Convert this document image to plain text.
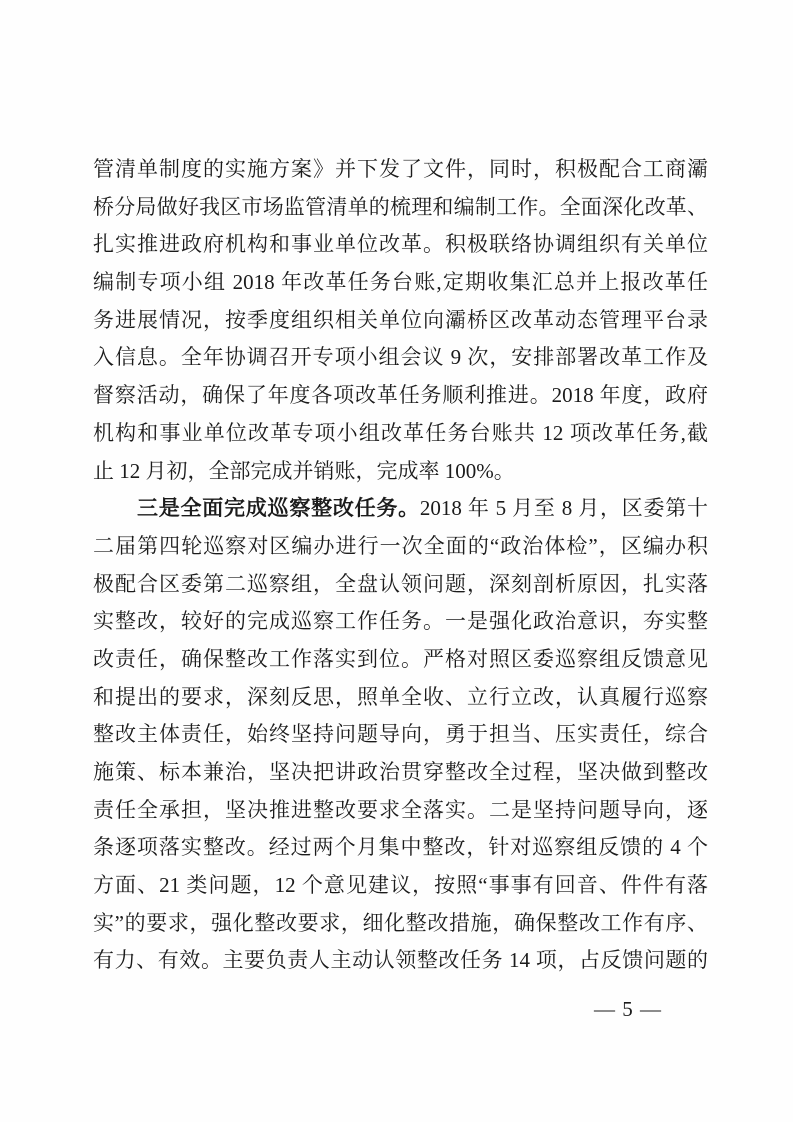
管清单制度的实施方案》并下发了文件，同时，积极配合工商灞
桥分局做好我区市场监管清单的梳理和编制工作。全面深化改革、
扎实推进政府机构和事业单位改革。积极联络协调组织有关单位
编制专项小组 2018 年改革任务台账,定期收集汇总并上报改革任
务进展情况，按季度组织相关单位向灞桥区改革动态管理平台录
入信息。全年协调召开专项小组会议 9 次，安排部署改革工作及
督察活动，确保了年度各项改革任务顺利推进。2018 年度，政府
机构和事业单位改革专项小组改革任务台账共 12 项改革任务,截
止 12 月初，全部完成并销账，完成率 100%。
三是全面完成巡察整改任务。2018 年 5 月至 8 月，区委第十
二届第四轮巡察对区编办进行一次全面的“政治体检”，区编办积
极配合区委第二巡察组，全盘认领问题，深刻剖析原因，扎实落
实整改，较好的完成巡察工作任务。一是强化政治意识，夯实整
改责任，确保整改工作落实到位。严格对照区委巡察组反馈意见
和提出的要求，深刻反思，照单全收、立行立改，认真履行巡察
整改主体责任，始终坚持问题导向，勇于担当、压实责任，综合
施策、标本兼治，坚决把讲政治贯穿整改全过程，坚决做到整改
责任全承担，坚决推进整改要求全落实。二是坚持问题导向，逐
条逐项落实整改。经过两个月集中整改，针对巡察组反馈的 4 个
方面、21 类问题，12 个意见建议，按照“事事有回音、件件有落
实”的要求，强化整改要求，细化整改措施，确保整改工作有序、
有力、有效。主要负责人主动认领整改任务 14 项，占反馈问题的
— 5 —
